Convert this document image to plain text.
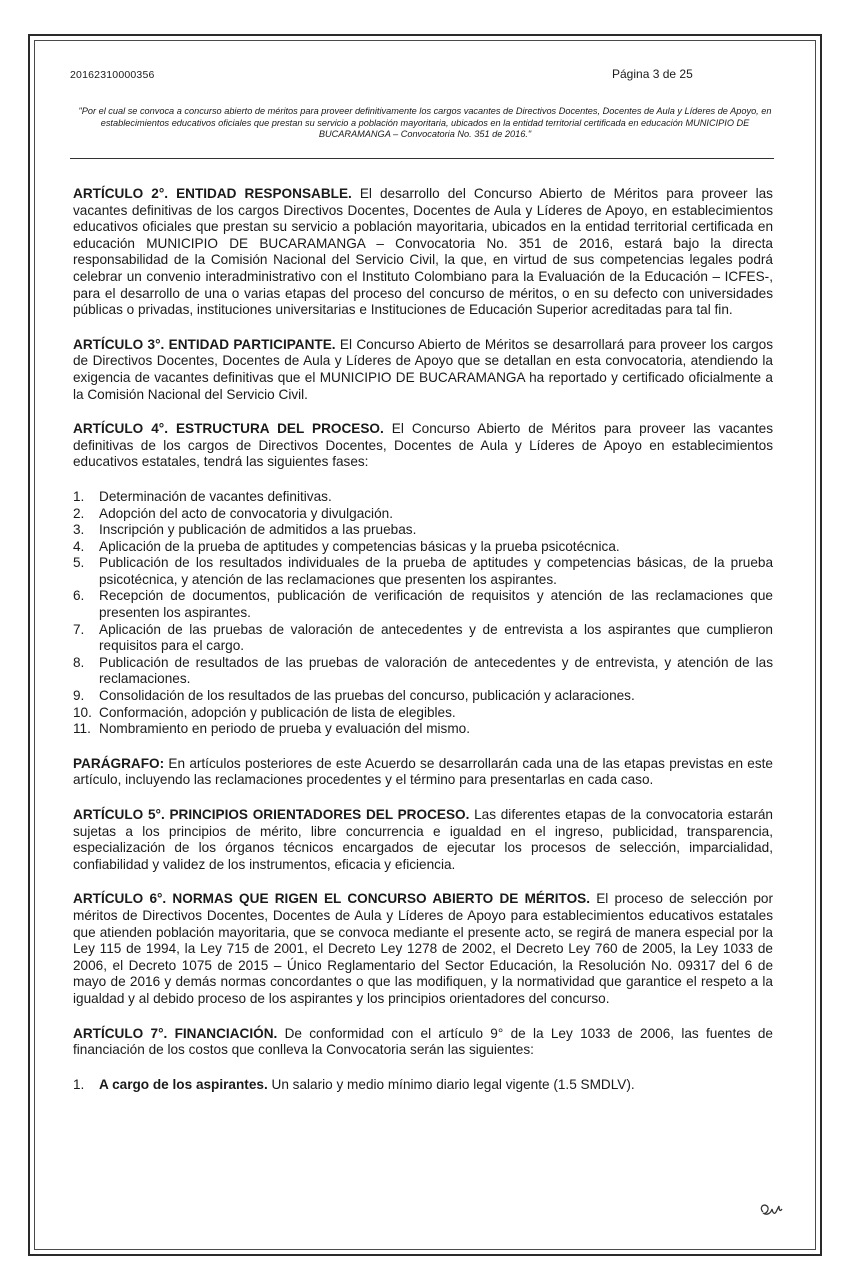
20162310000356	Página 3 de 25
"Por el cual se convoca a concurso abierto de méritos para proveer definitivamente los cargos vacantes de Directivos Docentes, Docentes de Aula y Líderes de Apoyo, en establecimientos educativos oficiales que prestan su servicio a población mayoritaria, ubicados en la entidad territorial certificada en educación MUNICIPIO DE BUCARAMANGA – Convocatoria No. 351 de 2016."

ARTÍCULO 2°. ENTIDAD RESPONSABLE. El desarrollo del Concurso Abierto de Méritos para proveer las vacantes definitivas de los cargos Directivos Docentes, Docentes de Aula y Líderes de Apoyo, en establecimientos educativos oficiales que prestan su servicio a población mayoritaria, ubicados en la entidad territorial certificada en educación MUNICIPIO DE BUCARAMANGA – Convocatoria No. 351 de 2016, estará bajo la directa responsabilidad de la Comisión Nacional del Servicio Civil, la que, en virtud de sus competencias legales podrá celebrar un convenio interadministrativo con el Instituto Colombiano para la Evaluación de la Educación – ICFES-, para el desarrollo de una o varias etapas del proceso del concurso de méritos, o en su defecto con universidades públicas o privadas, instituciones universitarias e Instituciones de Educación Superior acreditadas para tal fin.

ARTÍCULO 3°. ENTIDAD PARTICIPANTE. El Concurso Abierto de Méritos se desarrollará para proveer los cargos de Directivos Docentes, Docentes de Aula y Líderes de Apoyo que se detallan en esta convocatoria, atendiendo la exigencia de vacantes definitivas que el MUNICIPIO DE BUCARAMANGA ha reportado y certificado oficialmente a la Comisión Nacional del Servicio Civil.

ARTÍCULO 4°. ESTRUCTURA DEL PROCESO. El Concurso Abierto de Méritos para proveer las vacantes definitivas de los cargos de Directivos Docentes, Docentes de Aula y Líderes de Apoyo en establecimientos educativos estatales, tendrá las siguientes fases:

1.	Determinación de vacantes definitivas.
2.	Adopción del acto de convocatoria y divulgación.
3.	Inscripción y publicación de admitidos a las pruebas.
4.	Aplicación de la prueba de aptitudes y competencias básicas y la prueba psicotécnica.
5.	Publicación de los resultados individuales de la prueba de aptitudes y competencias básicas, de la prueba psicotécnica, y atención de las reclamaciones que presenten los aspirantes.
6.	Recepción de documentos, publicación de verificación de requisitos y atención de las reclamaciones que presenten los aspirantes.
7.	Aplicación de las pruebas de valoración de antecedentes y de entrevista a los aspirantes que cumplieron requisitos para el cargo.
8.	Publicación de resultados de las pruebas de valoración de antecedentes y de entrevista, y atención de las reclamaciones.
9.	Consolidación de los resultados de las pruebas del concurso, publicación y aclaraciones.
10. Conformación, adopción y publicación de lista de elegibles.
11. Nombramiento en periodo de prueba y evaluación del mismo.

PARÁGRAFO: En artículos posteriores de este Acuerdo se desarrollarán cada una de las etapas previstas en este artículo, incluyendo las reclamaciones procedentes y el término para presentarlas en cada caso.

ARTÍCULO 5°. PRINCIPIOS ORIENTADORES DEL PROCESO. Las diferentes etapas de la convocatoria estarán sujetas a los principios de mérito, libre concurrencia e igualdad en el ingreso, publicidad, transparencia, especialización de los órganos técnicos encargados de ejecutar los procesos de selección, imparcialidad, confiabilidad y validez de los instrumentos, eficacia y eficiencia.

ARTÍCULO 6°. NORMAS QUE RIGEN EL CONCURSO ABIERTO DE MÉRITOS. El proceso de selección por méritos de Directivos Docentes, Docentes de Aula y Líderes de Apoyo para establecimientos educativos estatales que atienden población mayoritaria, que se convoca mediante el presente acto, se regirá de manera especial por la Ley 115 de 1994, la Ley 715 de 2001, el Decreto Ley 1278 de 2002, el Decreto Ley 760 de 2005, la Ley 1033 de 2006, el Decreto 1075 de 2015 – Único Reglamentario del Sector Educación, la Resolución No. 09317 del 6 de mayo de 2016 y demás normas concordantes o que las modifiquen, y la normatividad que garantice el respeto a la igualdad y al debido proceso de los aspirantes y los principios orientadores del concurso.

ARTÍCULO 7°. FINANCIACIÓN. De conformidad con el artículo 9° de la Ley 1033 de 2006, las fuentes de financiación de los costos que conlleva la Convocatoria serán las siguientes:

1.	A cargo de los aspirantes. Un salario y medio mínimo diario legal vigente (1.5 SMDLV).
